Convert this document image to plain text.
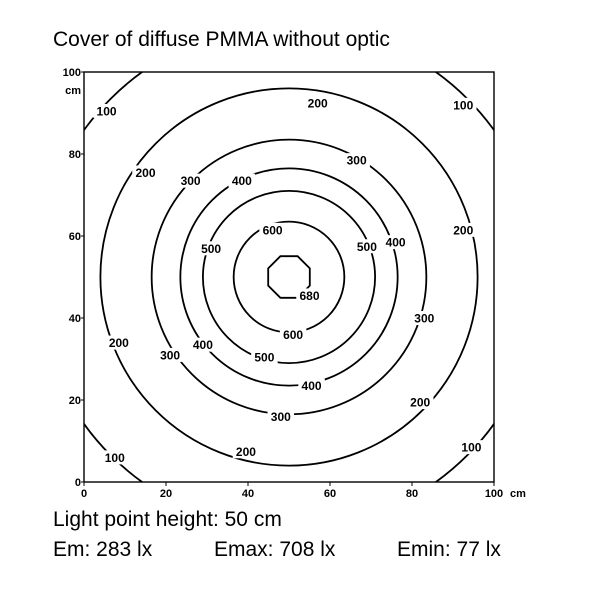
Cover of diffuse PMMA without optic
0	20	40	60	80	100 cm
0
20
40
60
80
100
cm
680
600
600
500	500
500
400
400
400
400
300
300
300
300
300
200
200
200
200
200
200
100	100
100
100
Light point height: 50 cm
Em: 283 lx	Emax: 708 lx	Emin: 77 lx
